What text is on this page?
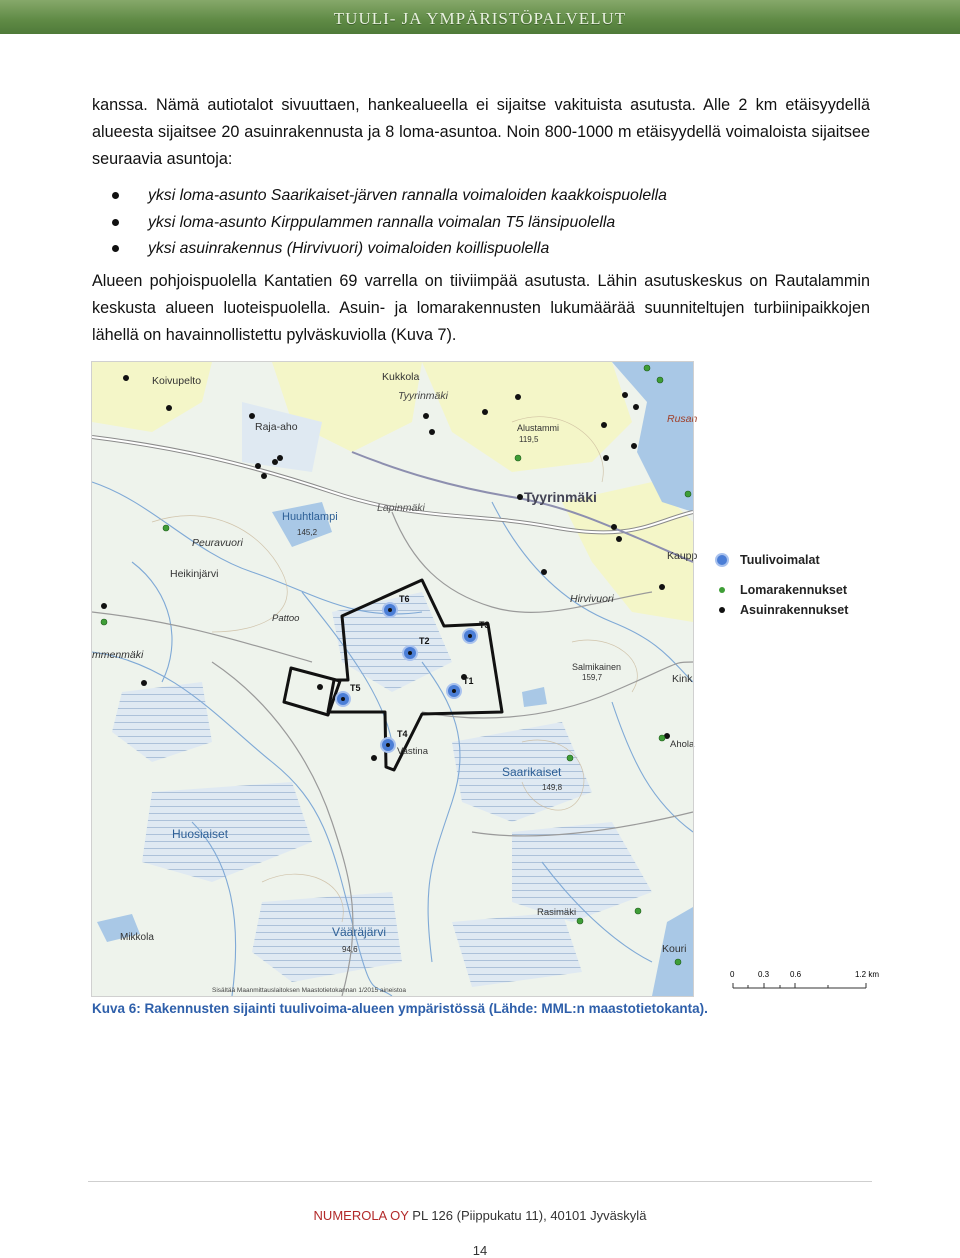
TUULI- JA YMPÄRISTÖPALVELUT
kanssa. Nämä autiotalot sivuuttaen, hankealueella ei sijaitse vakituista asutusta. Alle 2 km etäisyydellä alueesta sijaitsee 20 asuinrakennusta ja 8 loma-asuntoa. Noin 800-1000 m etäisyydellä voimaloista sijaitsee seuraavia asuntoja:
yksi loma-asunto Saarikaiset-järven rannalla voimaloiden kaakkoispuolella
yksi loma-asunto Kirppulammen rannalla voimalan T5 länsipuolella
yksi asuinrakennus (Hirvivuori) voimaloiden koillispuolella
Alueen pohjoispuolella Kantatien 69 varrella on tiiviimpää asutusta. Lähin asutuskeskus on Rautalammin keskusta alueen luoteispuolella. Asuin- ja lomarakennusten lukumäärää suunniteltujen turbiinipaikkojen lähellä on havainnollistettu pylväskuviolla (Kuva 7).
Koivupelto	Kukkola
Tyyrinmäki
Alustammi
119,5
Rusan
Raja-aho
Tyyrinmäki
Lapinmäki
Huuhtlampi
145,2
Peuravuori
Kaupp
Heikinjärvi
Hirvivuori
Pattoo
mmenmäki
Salmikainen
159,7	Kink
Ahola
Vastina
Saarikaiset
149,8
Huosiaiset
Rasimäki
Mikkola	Vääräjärvi
94,6	Kouri
Sisältää Maanmittauslaitoksen Maastotietokannan 1/2015 aineistoa
T6
T2
T3
T1
T5
T4
Tuulivoimalat
Lomarakennukset
Asuinrakennukset
0	0.3	0.6	1.2 km
Kuva 6: Rakennusten sijainti tuulivoima-alueen ympäristössä (Lähde: MML:n maastotietokanta).
NUMEROLA OY PL 126 (Piippukatu 11), 40101 Jyväskylä
14
